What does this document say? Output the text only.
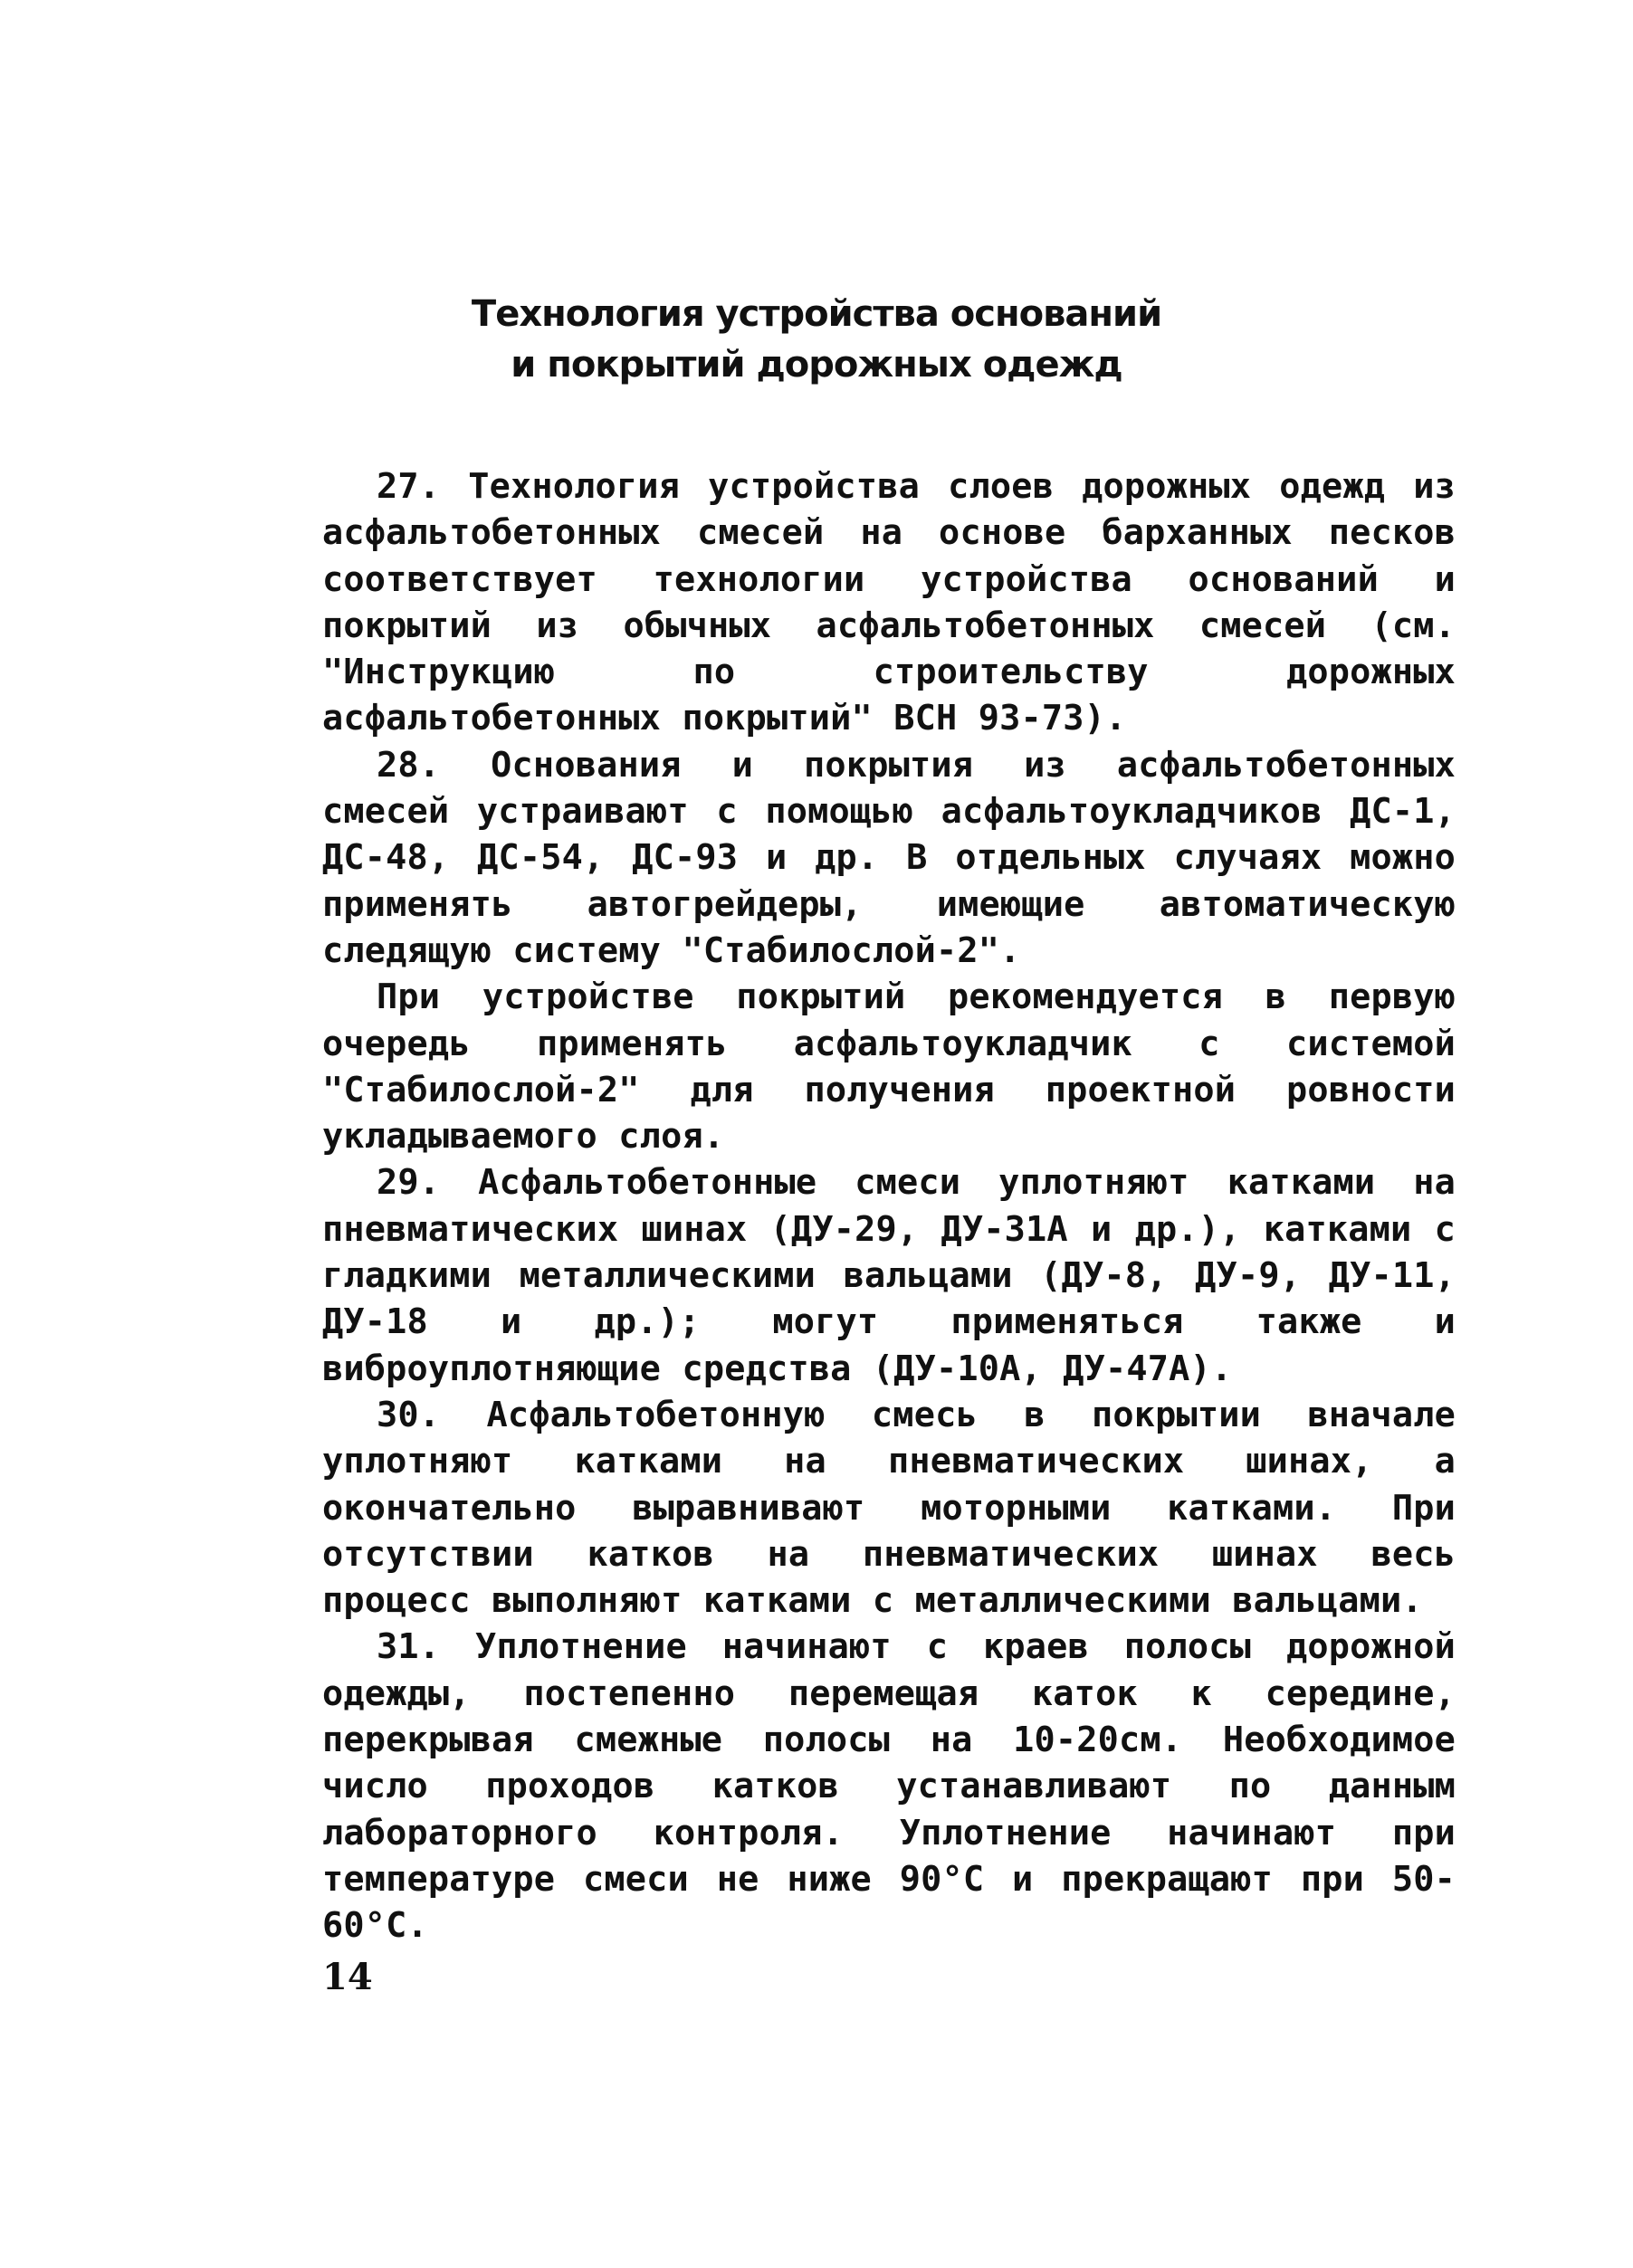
Технология устройства оснований
и покрытий дорожных одежд

27. Технология устройства слоев дорожных одежд из асфальтобетонных смесей на основе барханных песков соответствует технологии устройства оснований и покрытий из обычных асфальтобетонных смесей (см. "Инструкцию по строительству дорожных асфальтобетонных покрытий" ВСН 93-73).

28. Основания и покрытия из асфальтобетонных смесей устраивают с помощью асфальтоукладчиков ДС-1, ДС-48, ДС-54, ДС-93 и др. В отдельных случаях можно применять автогрейдеры, имеющие автоматическую следящую систему "Стабилослой-2".

При устройстве покрытий рекомендуется в первую очередь применять асфальтоукладчик с системой "Стабилослой-2" для получения проектной ровности укладываемого слоя.

29. Асфальтобетонные смеси уплотняют катками на пневматических шинах (ДУ-29, ДУ-31А и др.), катками с гладкими металлическими вальцами (ДУ-8, ДУ-9, ДУ-11, ДУ-18 и др.); могут применяться также и виброуплотняющие средства (ДУ-10А, ДУ-47А).

30. Асфальтобетонную смесь в покрытии вначале уплотняют катками на пневматических шинах, а окончательно выравнивают моторными катками. При отсутствии катков на пневматических шинах весь процесс выполняют катками с металлическими вальцами.

31. Уплотнение начинают с краев полосы дорожной одежды, постепенно перемещая каток к середине, перекрывая смежные полосы на 10-20см. Необходимое число проходов катков устанавливают по данным лабораторного контроля. Уплотнение начинают при температуре смеси не ниже 90°С и прекращают при 50-60°С.

14
